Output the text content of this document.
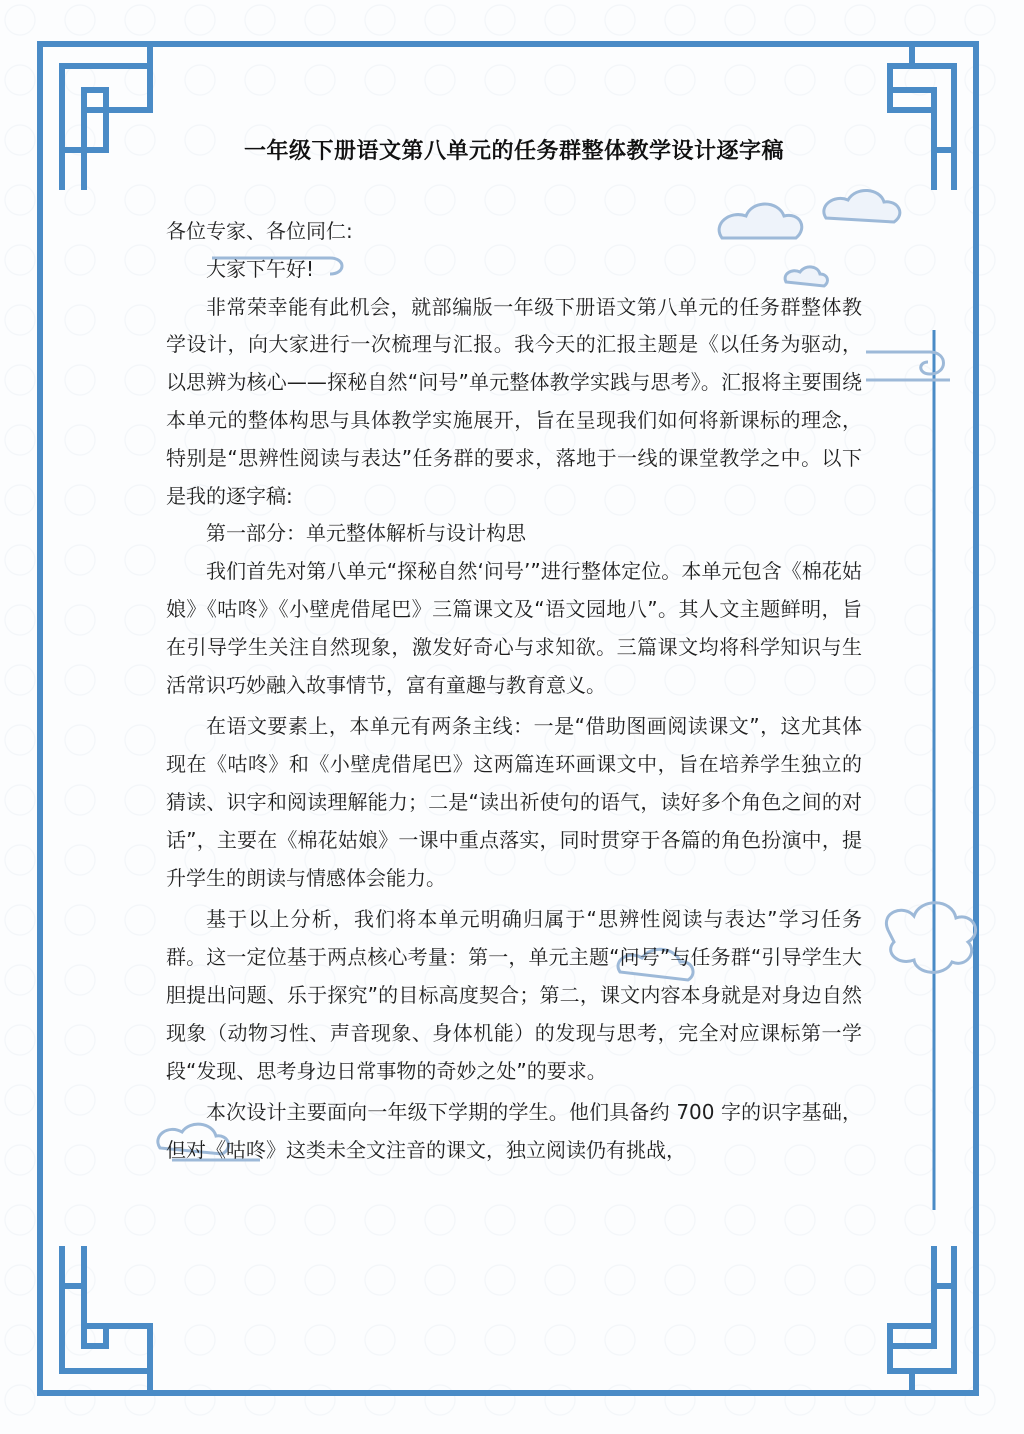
一年级下册语文第八单元的任务群整体教学设计逐字稿

各位专家、各位同仁:

大家下午好!

非常荣幸能有此机会，就部编版一年级下册语文第八单元的任务群整体教学设计，向大家进行一次梳理与汇报。我今天的汇报主题是《以任务为驱动，以思辨为核心——探秘自然“问号”单元整体教学实践与思考》。汇报将主要围绕本单元的整体构思与具体教学实施展开，旨在呈现我们如何将新课标的理念，特别是“思辨性阅读与表达”任务群的要求，落地于一线的课堂教学之中。以下是我的逐字稿:

第一部分：单元整体解析与设计构思

我们首先对第八单元“探秘自然‘问号’”进行整体定位。本单元包含《棉花姑娘》《咕咚》《小壁虎借尾巴》三篇课文及“语文园地八”。其人文主题鲜明，旨在引导学生关注自然现象，激发好奇心与求知欲。三篇课文均将科学知识与生活常识巧妙融入故事情节，富有童趣与教育意义。

在语文要素上，本单元有两条主线：一是“借助图画阅读课文”，这尤其体现在《咕咚》和《小壁虎借尾巴》这两篇连环画课文中，旨在培养学生独立的猜读、识字和阅读理解能力；二是“读出祈使句的语气，读好多个角色之间的对话”，主要在《棉花姑娘》一课中重点落实，同时贯穿于各篇的角色扮演中，提升学生的朗读与情感体会能力。

基于以上分析，我们将本单元明确归属于“思辨性阅读与表达”学习任务群。这一定位基于两点核心考量：第一，单元主题“问号”与任务群“引导学生大胆提出问题、乐于探究”的目标高度契合；第二，课文内容本身就是对身边自然现象（动物习性、声音现象、身体机能）的发现与思考，完全对应课标第一学段“发现、思考身边日常事物的奇妙之处”的要求。

本次设计主要面向一年级下学期的学生。他们具备约 700 字的识字基础，但对《咕咚》这类未全文注音的课文，独立阅读仍有挑战，
